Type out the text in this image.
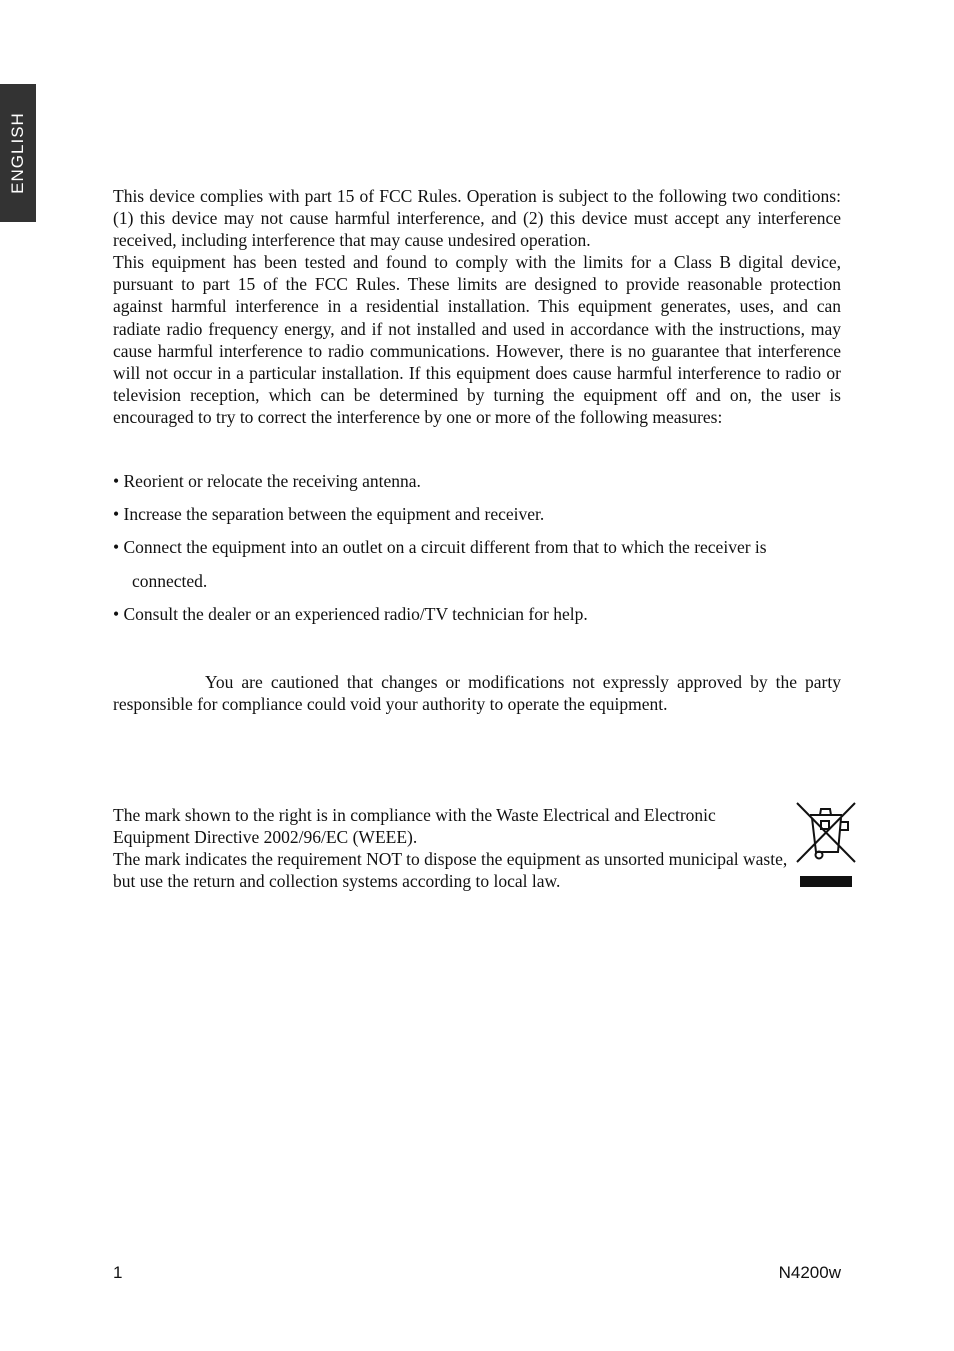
ENGLISH

This device complies with part 15 of FCC Rules. Operation is subject to the following two conditions: (1) this device may not cause harmful interference, and (2) this device must accept any interference received, including interference that may cause undesired operation.

This equipment has been tested and found to comply with the limits for a Class B digital device, pursuant to part 15 of the FCC Rules. These limits are designed to provide reasonable protection against harmful interference in a residential installation. This equipment generates, uses, and can radiate radio frequency energy, and if not installed and used in accordance with the instructions, may cause harmful interference to radio communications. However, there is no guarantee that interference will not occur in a particular installation. If this equipment does cause harmful interference to radio or television reception, which can be determined by turning the equipment off and on, the user is encouraged to try to correct the interference by one or more of the following measures:

• Reorient or relocate the receiving antenna.

• Increase the separation between the equipment and receiver.

• Connect the equipment into an outlet on a circuit different from that to which the receiver is

connected.

• Consult the dealer or an experienced radio/TV technician for help.

You are cautioned that changes or modifications not expressly approved by the party responsible for compliance could void your authority to operate the equipment.

The mark shown to the right is in compliance with the Waste Electrical and Electronic Equipment Directive 2002/96/EC (WEEE).

The mark indicates the requirement NOT to dispose the equipment as unsorted municipal waste, but use the return and collection systems according to local law.

1	N4200w
